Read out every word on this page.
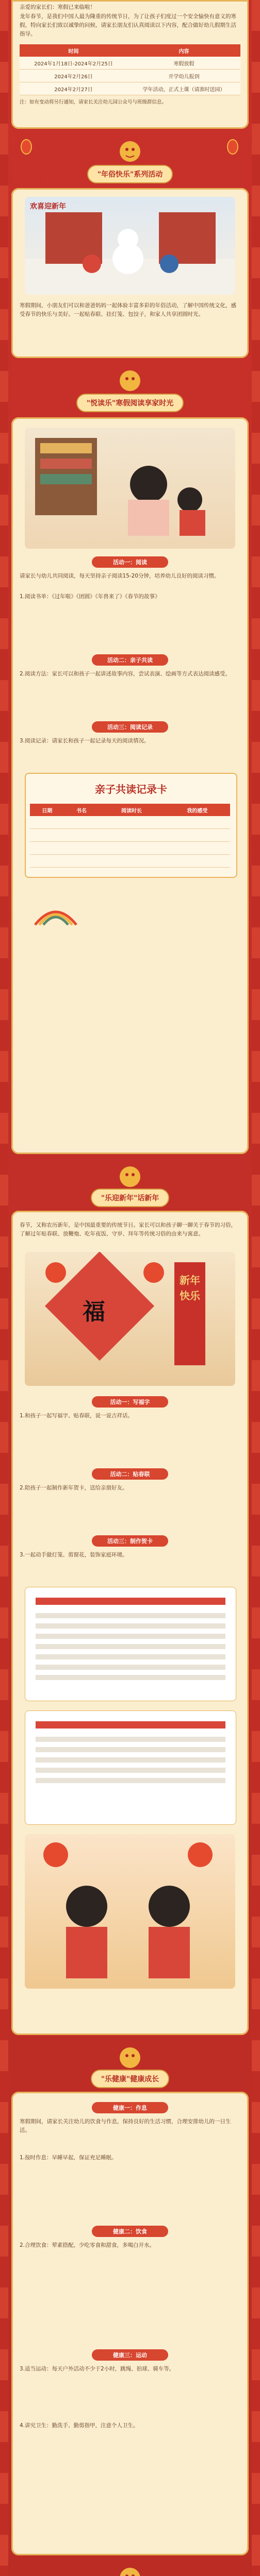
亲爱的家长们：寒假已来临啦！
龙年春节，是我们中国人最为隆重的传统节日，为了让孩子们度过一个安全愉快有意义的寒假，特向家长们致以诚挚的问候，请家长朋友们认真阅读以下内容，配合做好幼儿假期生活指导。
时间	内容
2024年1月18日-2024年2月25日	寒假放假
2024年2月26日	开学幼儿报到
2024年2月27日	学年活动，正式上课（请准时送园）
注：如有变动将另行通知，请家长关注幼儿园公众号与班级群信息。
"年俗快乐"系列活动
欢喜迎新年
寒假期间，小朋友们可以和爸爸妈妈一起体验丰富多彩的年俗活动，了解中国传统文化，感受春节的快乐与美好。一起贴春联、挂灯笼、包饺子，和家人共享团圆时光。
"悦读乐"寒假阅读享家时光
活动一：阅读
请家长与幼儿共同阅读，每天坚持亲子阅读15-20分钟，培养幼儿良好的阅读习惯。
1.阅读书单：《过年啦》《团圆》《年兽来了》《春节的故事》
活动二：亲子共读
2.阅读方法：家长可以和孩子一起讲述故事内容，尝试表演、绘画等方式表达阅读感受。
活动三：阅读记录
3.阅读记录：请家长和孩子一起记录每天的阅读情况。
亲子共读记录卡
日期	书名	阅读时长	我的感受

"乐迎新年"话新年
春节，又称农历新年，是中国最重要的传统节日。家长可以和孩子聊一聊关于春节的习俗，了解过年贴春联、放鞭炮、吃年夜饭、守岁、拜年等传统习俗的由来与寓意。
福
新年快乐
活动一：写福字
1.和孩子一起写福字、贴春联，说一说吉祥话。
活动二：贴春联
2.陪孩子一起制作新年贺卡，送给亲朋好友。
活动三：制作贺卡
3.一起动手做灯笼、剪窗花，装饰家庭环境。
"乐健康"健康成长
健康一：作息
寒假期间，请家长关注幼儿的饮食与作息，保持良好的生活习惯，合理安排幼儿的一日生活。
1.按时作息：早睡早起，保证充足睡眠。
健康二：饮食
2.合理饮食：荤素搭配，少吃零食和甜食，多喝白开水。
健康三：运动
3.适当运动：每天户外活动不少于2小时，跳绳、拍球、骑车等。
4.讲究卫生：勤洗手、勤剪指甲，注意个人卫生。
